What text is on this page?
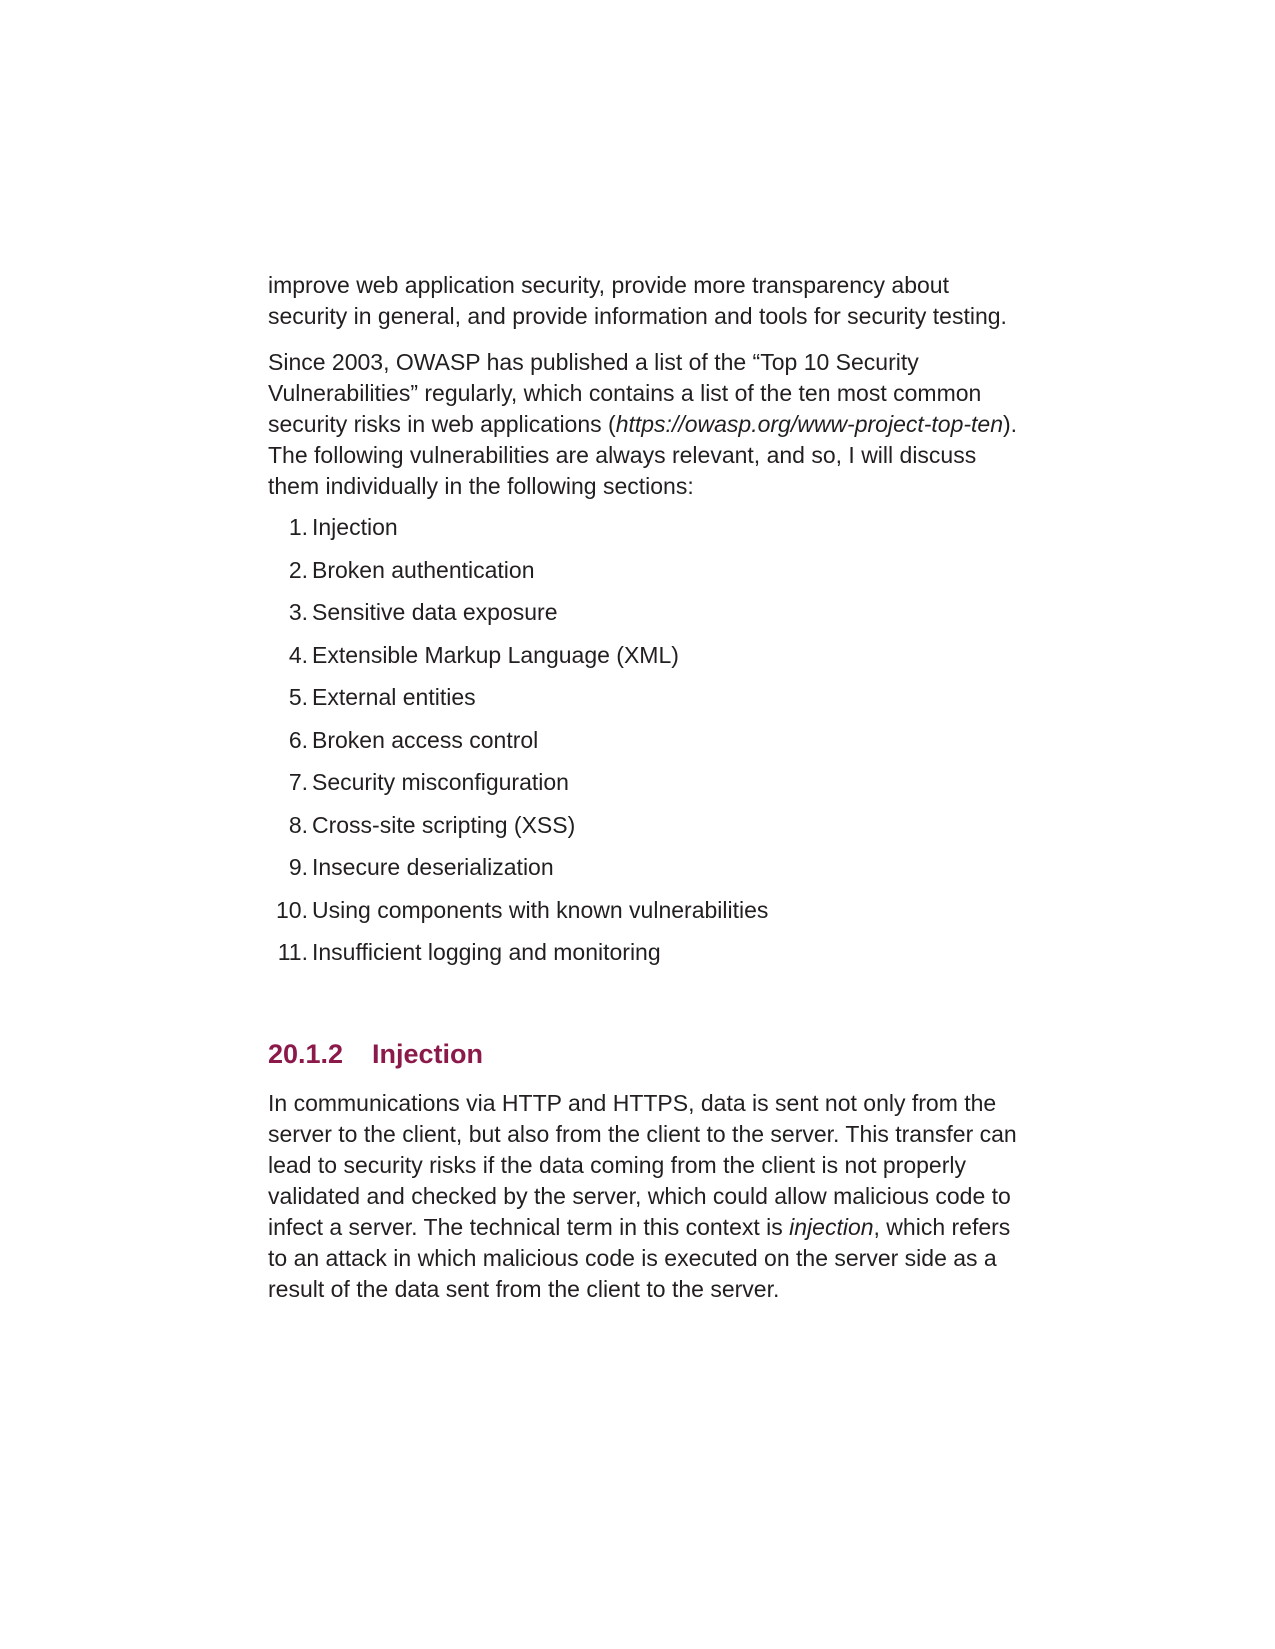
improve web application security, provide more transparency about security in general, and provide information and tools for security testing.

Since 2003, OWASP has published a list of the “Top 10 Security Vulnerabilities” regularly, which contains a list of the ten most common security risks in web applications (https://owasp.org/www-project-top-ten). The following vulnerabilities are always relevant, and so, I will discuss them individually in the following sections:

1. Injection
2. Broken authentication
3. Sensitive data exposure
4. Extensible Markup Language (XML)
5. External entities
6. Broken access control
7. Security misconfiguration
8. Cross-site scripting (XSS)
9. Insecure deserialization
10. Using components with known vulnerabilities
11. Insufficient logging and monitoring
20.1.2 Injection

In communications via HTTP and HTTPS, data is sent not only from the server to the client, but also from the client to the server. This transfer can lead to security risks if the data coming from the client is not properly validated and checked by the server, which could allow malicious code to infect a server. The technical term in this context is injection, which refers to an attack in which malicious code is executed on the server side as a result of the data sent from the client to the server.
